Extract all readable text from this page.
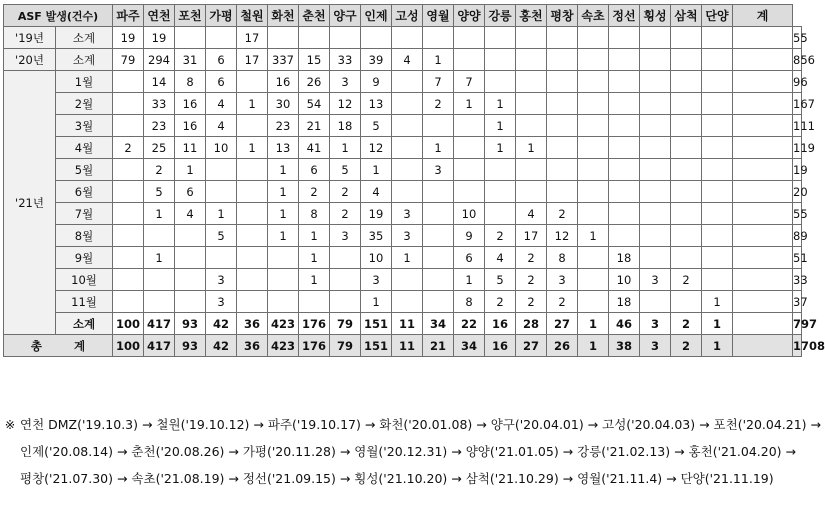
ASF 발생(건수)		파주	연천	포천	가평	철원	화천	춘천	양구	인제	고성	영월	양양	강릉	홍천	평창	속초	정선	횡성	삼척	단양	계	
'19년	소계	19	19			17																	55
'20년	소계	79	294	31	6	17	337	15	33	39	4	1											856
'21년	1월		14	8	6		16	26	3	9		7	7										96
	2월		33	16	4	1	30	54	12	13		2	1	1									167
	3월		23	16	4		23	21	18	5				1									111
	4월	2	25	11	10	1	13	41	1	12		1		1	1								119
	5월		2	1			1	6	5	1		3											19
	6월		5	6			1	2	2	4													20
	7월		1	4	1		1	8	2	19	3		10		4	2							55
	8월				5		1	1	3	35	3		9	2	17	12	1						89
	9월		1					1		10	1		6	4	2	8		18					51
	10월				3			1		3			1	5	2	3		10	3	2			33
	11월				3					1			8	2	2	2		18			1		37
	소계	100	417	93	42	36	423	176	79	151	11	34	22	16	28	27	1	46	3	2	1		797
총 계		100	417	93	42	36	423	176	79	151	11	21	34	16	27	26	1	38	3	2	1		1708
※ 연천 DMZ('19.10.3) → 철원('19.10.12) → 파주('19.10.17) → 화천('20.01.08) → 양구('20.04.01) → 고성('20.04.03) → 포천('20.04.21) →
인제('20.08.14) → 춘천('20.08.26) → 가평('20.11.28) → 영월('20.12.31) → 양양('21.01.05) → 강릉('21.02.13) → 홍천('21.04.20) →
평창('21.07.30) → 속초('21.08.19) → 정선('21.09.15) → 횡성('21.10.20) → 삼척('21.10.29) → 영월('21.11.4) → 단양('21.11.19)
